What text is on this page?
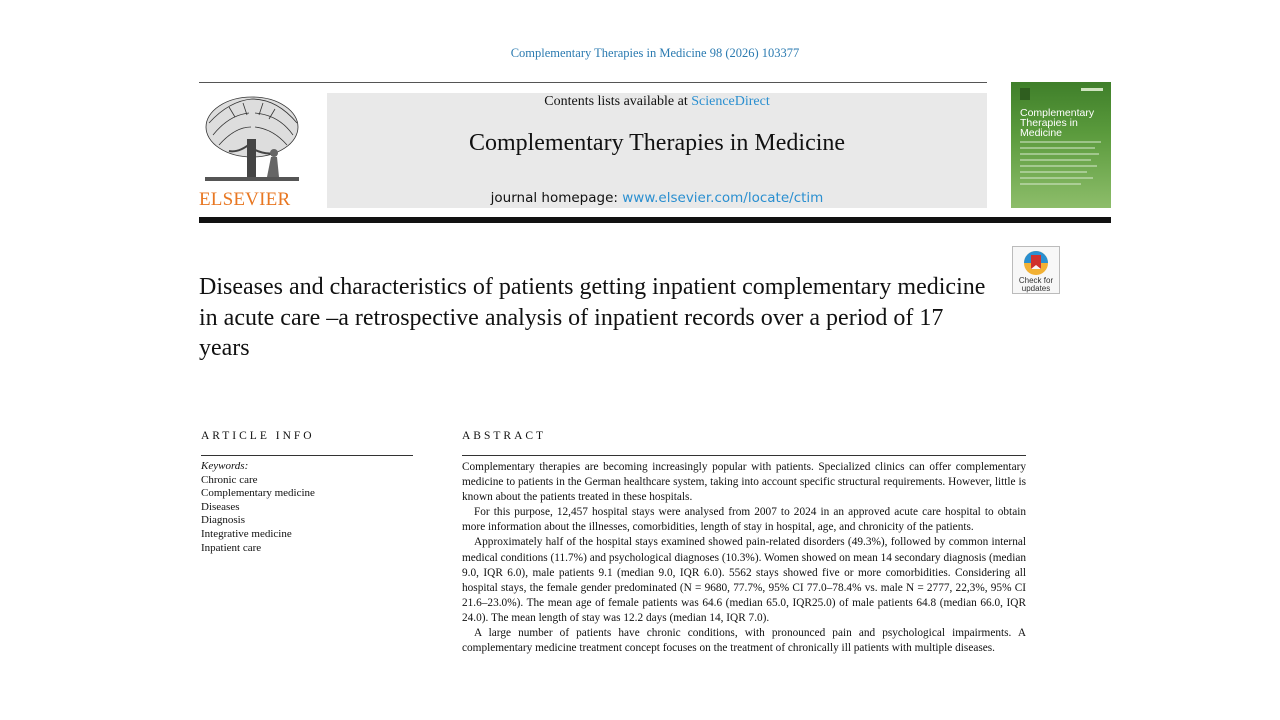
Complementary Therapies in Medicine 98 (2026) 103377
ELSEVIER
Contents lists available at ScienceDirect
Complementary Therapies in Medicine
journal homepage: www.elsevier.com/locate/ctim
Complementary Therapies in Medicine
Check for
updates
Diseases and characteristics of patients getting inpatient complementary medicine in acute care –a retrospective analysis of inpatient records over a period of 17 years
ARTICLE INFO	ABSTRACT
Keywords:
Chronic care
Complementary medicine
Diseases
Diagnosis
Integrative medicine
Inpatient care

Complementary therapies are becoming increasingly popular with patients. Specialized clinics can offer complementary medicine to patients in the German healthcare system, taking into account specific structural requirements. However, little is known about the patients treated in these hospitals.

For this purpose, 12,457 hospital stays were analysed from 2007 to 2024 in an approved acute care hospital to obtain more information about the illnesses, comorbidities, length of stay in hospital, age, and chronicity of the patients.

Approximately half of the hospital stays examined showed pain-related disorders (49.3%), followed by common internal medical conditions (11.7%) and psychological diagnoses (10.3%). Women showed on mean 14 secondary diagnosis (median 9.0, IQR 6.0), male patients 9.1 (median 9.0, IQR 6.0). 5562 stays showed five or more comorbidities. Considering all hospital stays, the female gender predominated (N = 9680, 77.7%, 95% CI 77.0–78.4% vs. male N = 2777, 22,3%, 95% CI 21.6–23.0%). The mean age of female patients was 64.6 (median 65.0, IQR25.0) of male patients 64.8 (median 66.0, IQR 24.0). The mean length of stay was 12.2 days (median 14, IQR 7.0).

A large number of patients have chronic conditions, with pronounced pain and psychological impairments. A complementary medicine treatment concept focuses on the treatment of chronically ill patients with multiple diseases.
